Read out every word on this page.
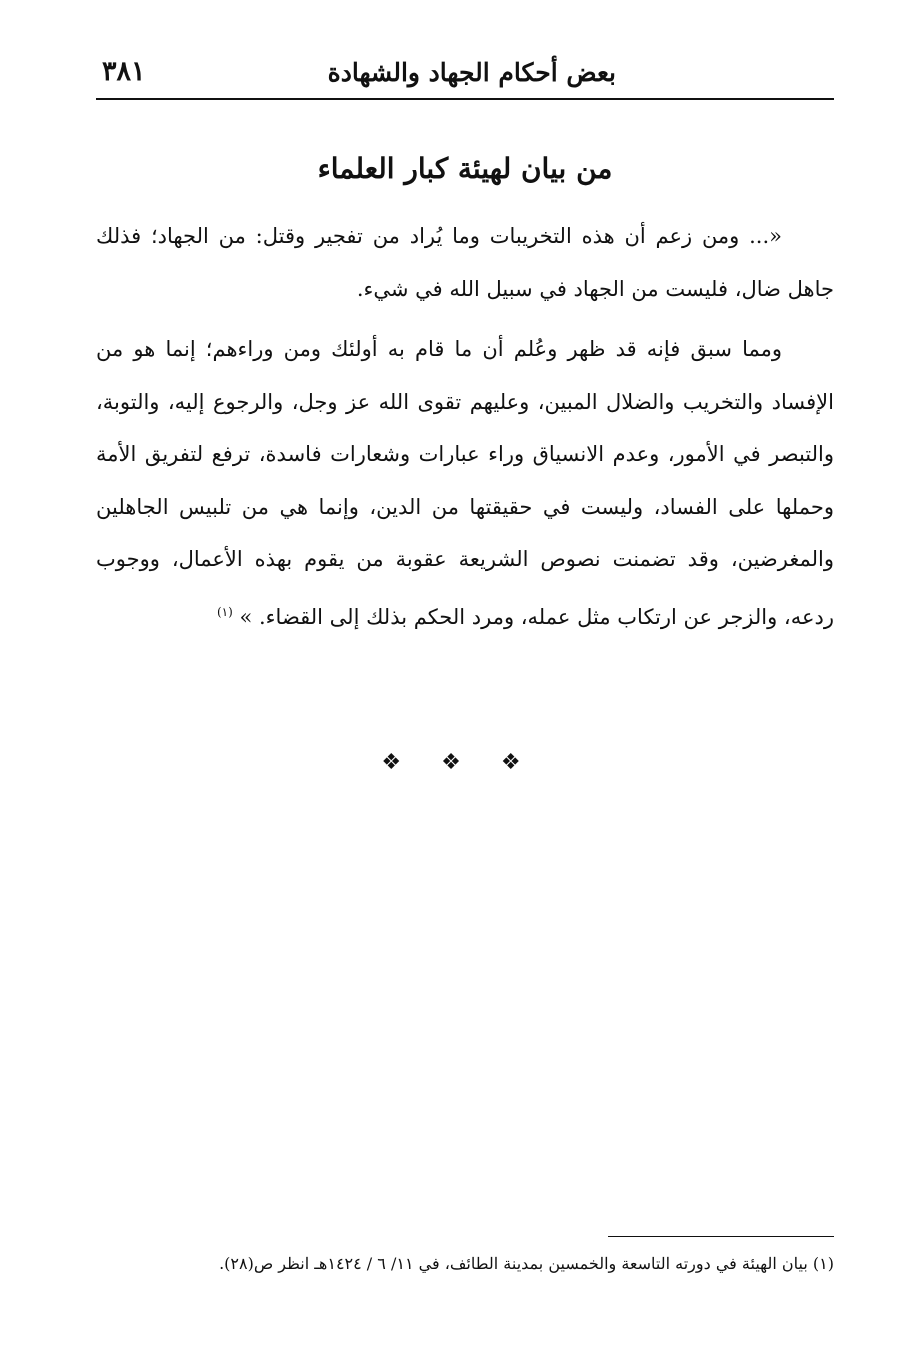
٣٨١	بعض أحكام الجهاد والشهادة
من بيان لهيئة كبار العلماء

«... ومن زعم أن هذه التخريبات وما يُراد من تفجير وقتل: من الجهاد؛ فذلك جاهل ضال، فليست من الجهاد في سبيل الله في شيء.

ومما سبق فإنه قد ظهر وعُلم أن ما قام به أولئك ومن وراءهم؛ إنما هو من الإفساد والتخريب والضلال المبين، وعليهم تقوى الله عز وجل، والرجوع إليه، والتوبة، والتبصر في الأمور، وعدم الانسياق وراء عبارات وشعارات فاسدة، ترفع لتفريق الأمة وحملها على الفساد، وليست في حقيقتها من الدين، وإنما هي من تلبيس الجاهلين والمغرضين، وقد تضمنت نصوص الشريعة عقوبة من يقوم بهذه الأعمال، ووجوب ردعه، والزجر عن ارتكاب مثل عمله، ومرد الحكم بذلك إلى القضاء. » $^{(١)}$

❖❖❖
(١) بيان الهيئة في دورته التاسعة والخمسين بمدينة الطائف، في ١١/ ٦ / ١٤٢٤هـ انظر ص(٢٨).
